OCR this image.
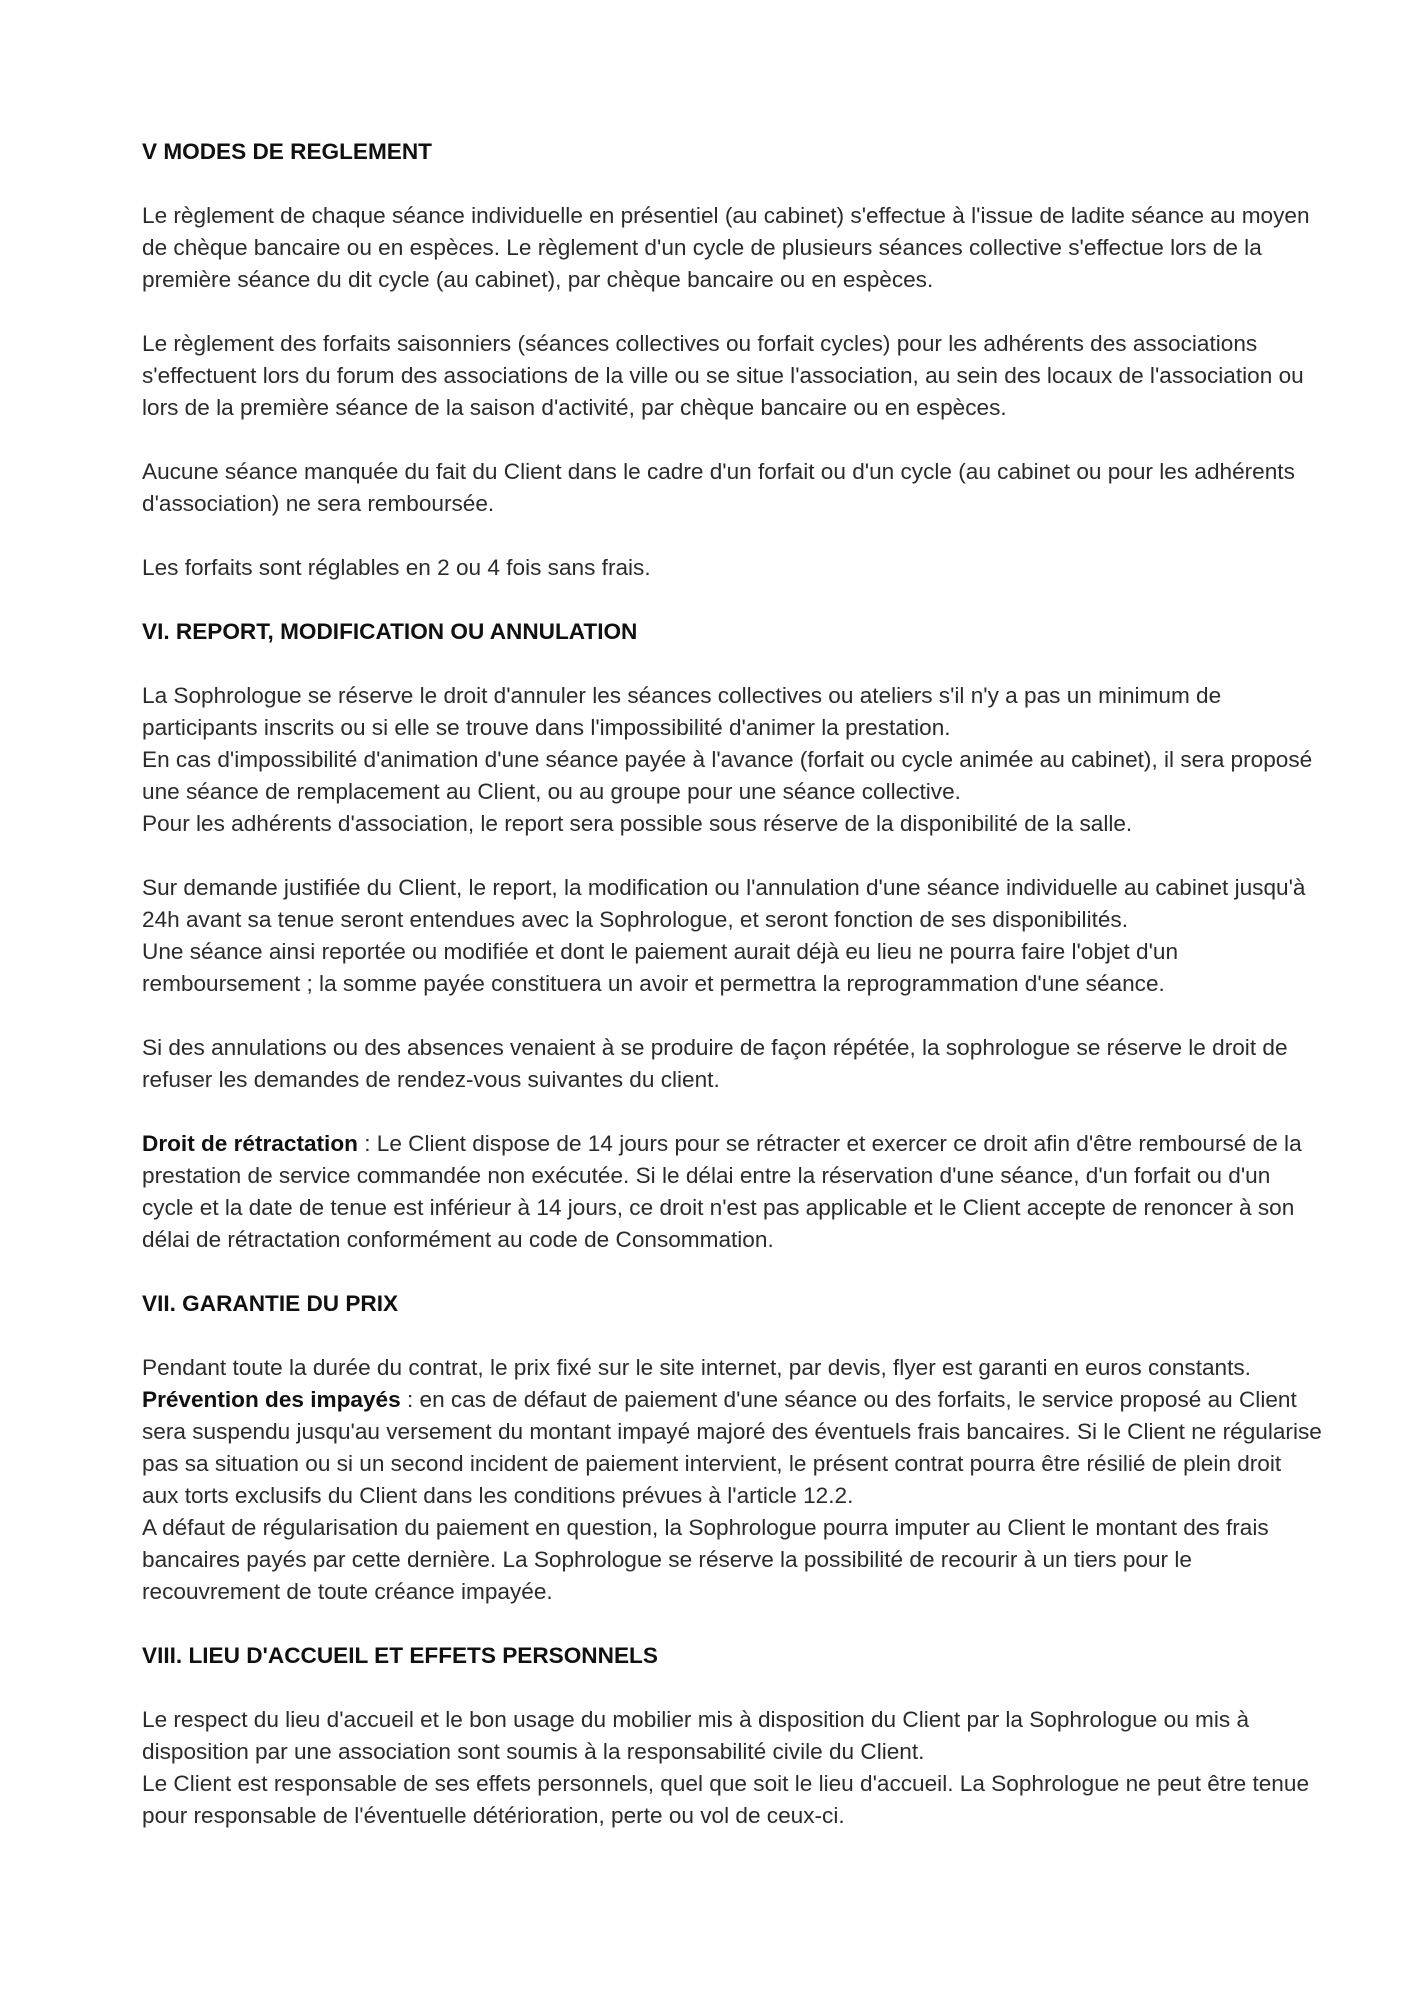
V MODES DE REGLEMENT

Le règlement de chaque séance individuelle en présentiel (au cabinet) s'effectue à l'issue de ladite séance au moyen de chèque bancaire ou en espèces. Le règlement d'un cycle de plusieurs séances collective s'effectue lors de la première séance du dit cycle (au cabinet), par chèque bancaire ou en espèces.

Le règlement des forfaits saisonniers (séances collectives ou forfait cycles) pour les adhérents des associations s'effectuent lors du forum des associations de la ville ou se situe l'association, au sein des locaux de l'association ou lors de la première séance de la saison d'activité, par chèque bancaire ou en espèces.

Aucune séance manquée du fait du Client dans le cadre d'un forfait ou d'un cycle (au cabinet ou pour les adhérents d'association) ne sera remboursée.

Les forfaits sont réglables en 2 ou 4 fois sans frais.

VI. REPORT, MODIFICATION OU ANNULATION

La Sophrologue se réserve le droit d'annuler les séances collectives ou ateliers s'il n'y a pas un minimum de participants inscrits ou si elle se trouve dans l'impossibilité d'animer la prestation.

En cas d'impossibilité d'animation d'une séance payée à l'avance (forfait ou cycle animée au cabinet), il sera proposé une séance de remplacement au Client, ou au groupe pour une séance collective.

Pour les adhérents d'association, le report sera possible sous réserve de la disponibilité de la salle.

Sur demande justifiée du Client, le report, la modification ou l'annulation d'une séance individuelle au cabinet jusqu'à 24h avant sa tenue seront entendues avec la Sophrologue, et seront fonction de ses disponibilités.

Une séance ainsi reportée ou modifiée et dont le paiement aurait déjà eu lieu ne pourra faire l'objet d'un remboursement ; la somme payée constituera un avoir et permettra la reprogrammation d'une séance.

Si des annulations ou des absences venaient à se produire de façon répétée, la sophrologue se réserve le droit de refuser les demandes de rendez-vous suivantes du client.

Droit de rétractation : Le Client dispose de 14 jours pour se rétracter et exercer ce droit afin d'être remboursé de la prestation de service commandée non exécutée. Si le délai entre la réservation d'une séance, d'un forfait ou d'un cycle et la date de tenue est inférieur à 14 jours, ce droit n'est pas applicable et le Client accepte de renoncer à son délai de rétractation conformément au code de Consommation.

VII. GARANTIE DU PRIX

Pendant toute la durée du contrat, le prix fixé sur le site internet, par devis, flyer est garanti en euros constants.

Prévention des impayés : en cas de défaut de paiement d'une séance ou des forfaits, le service proposé au Client sera suspendu jusqu'au versement du montant impayé majoré des éventuels frais bancaires. Si le Client ne régularise pas sa situation ou si un second incident de paiement intervient, le présent contrat pourra être résilié de plein droit aux torts exclusifs du Client dans les conditions prévues à l'article 12.2.

A défaut de régularisation du paiement en question, la Sophrologue pourra imputer au Client le montant des frais bancaires payés par cette dernière. La Sophrologue se réserve la possibilité de recourir à un tiers pour le recouvrement de toute créance impayée.

VIII. LIEU D'ACCUEIL ET EFFETS PERSONNELS

Le respect du lieu d'accueil et le bon usage du mobilier mis à disposition du Client par la Sophrologue ou mis à disposition par une association sont soumis à la responsabilité civile du Client.

Le Client est responsable de ses effets personnels, quel que soit le lieu d'accueil. La Sophrologue ne peut être tenue pour responsable de l'éventuelle détérioration, perte ou vol de ceux-ci.
